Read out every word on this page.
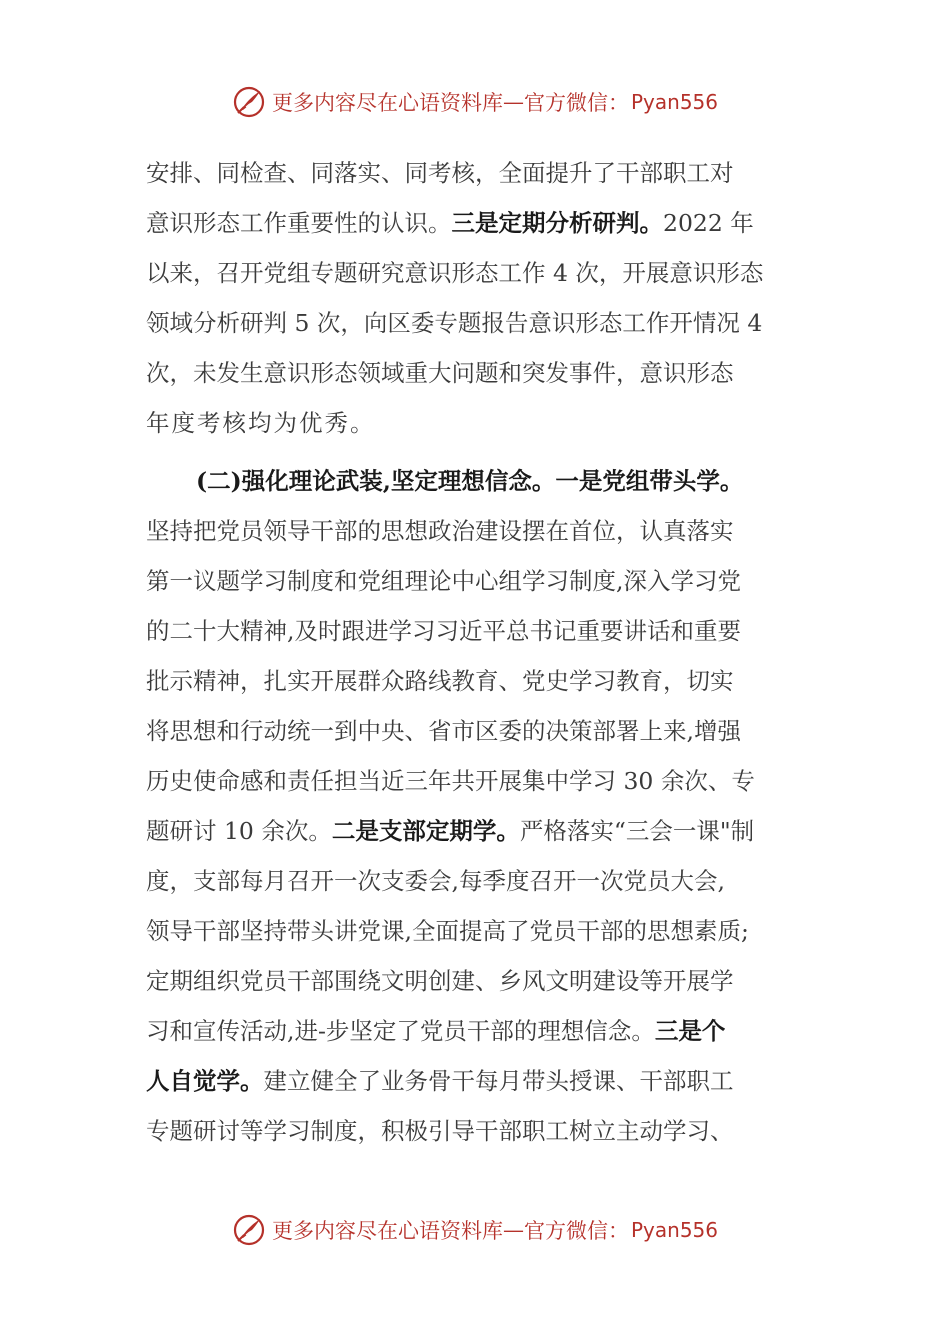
更多内容尽在心语资料库 — 官方微信： Pyan556
安排、同检查、同落实、同考核，全面提升了干部职工对
意识形态工作重要性的认识。三是定期分析研判。2022 年
以来，召开党组专题研究意识形态工作 4 次，开展意识形态
领域分析研判 5 次，向区委专题报告意识形态工作开情况 4
次，未发生意识形态领域重大问题和突发事件，意识形态
年度考核均为优秀。
(二)强化理论武装,坚定理想信念。一是党组带头学。
坚持把党员领导干部的思想政治建设摆在首位，认真落实
第一议题学习制度和党组理论中心组学习制度,深入学习党
的二十大精神,及时跟进学习习近平总书记重要讲话和重要
批示精神，扎实开展群众路线教育、党史学习教育，切实
将思想和行动统一到中央、省市区委的决策部署上来,增强
历史使命感和责任担当近三年共开展集中学习 30 余次、专
题研讨 10 余次。二是支部定期学。严格落实“三会一课"制
度，支部每月召开一次支委会,每季度召开一次党员大会,
领导干部坚持带头讲党课,全面提高了党员干部的思想素质;
定期组织党员干部围绕文明创建、乡风文明建设等开展学
习和宣传活动,进-步坚定了党员干部的理想信念。三是个
人自觉学。建立健全了业务骨干每月带头授课、干部职工
专题研讨等学习制度，积极引导干部职工树立主动学习、
更多内容尽在心语资料库 — 官方微信： Pyan556
